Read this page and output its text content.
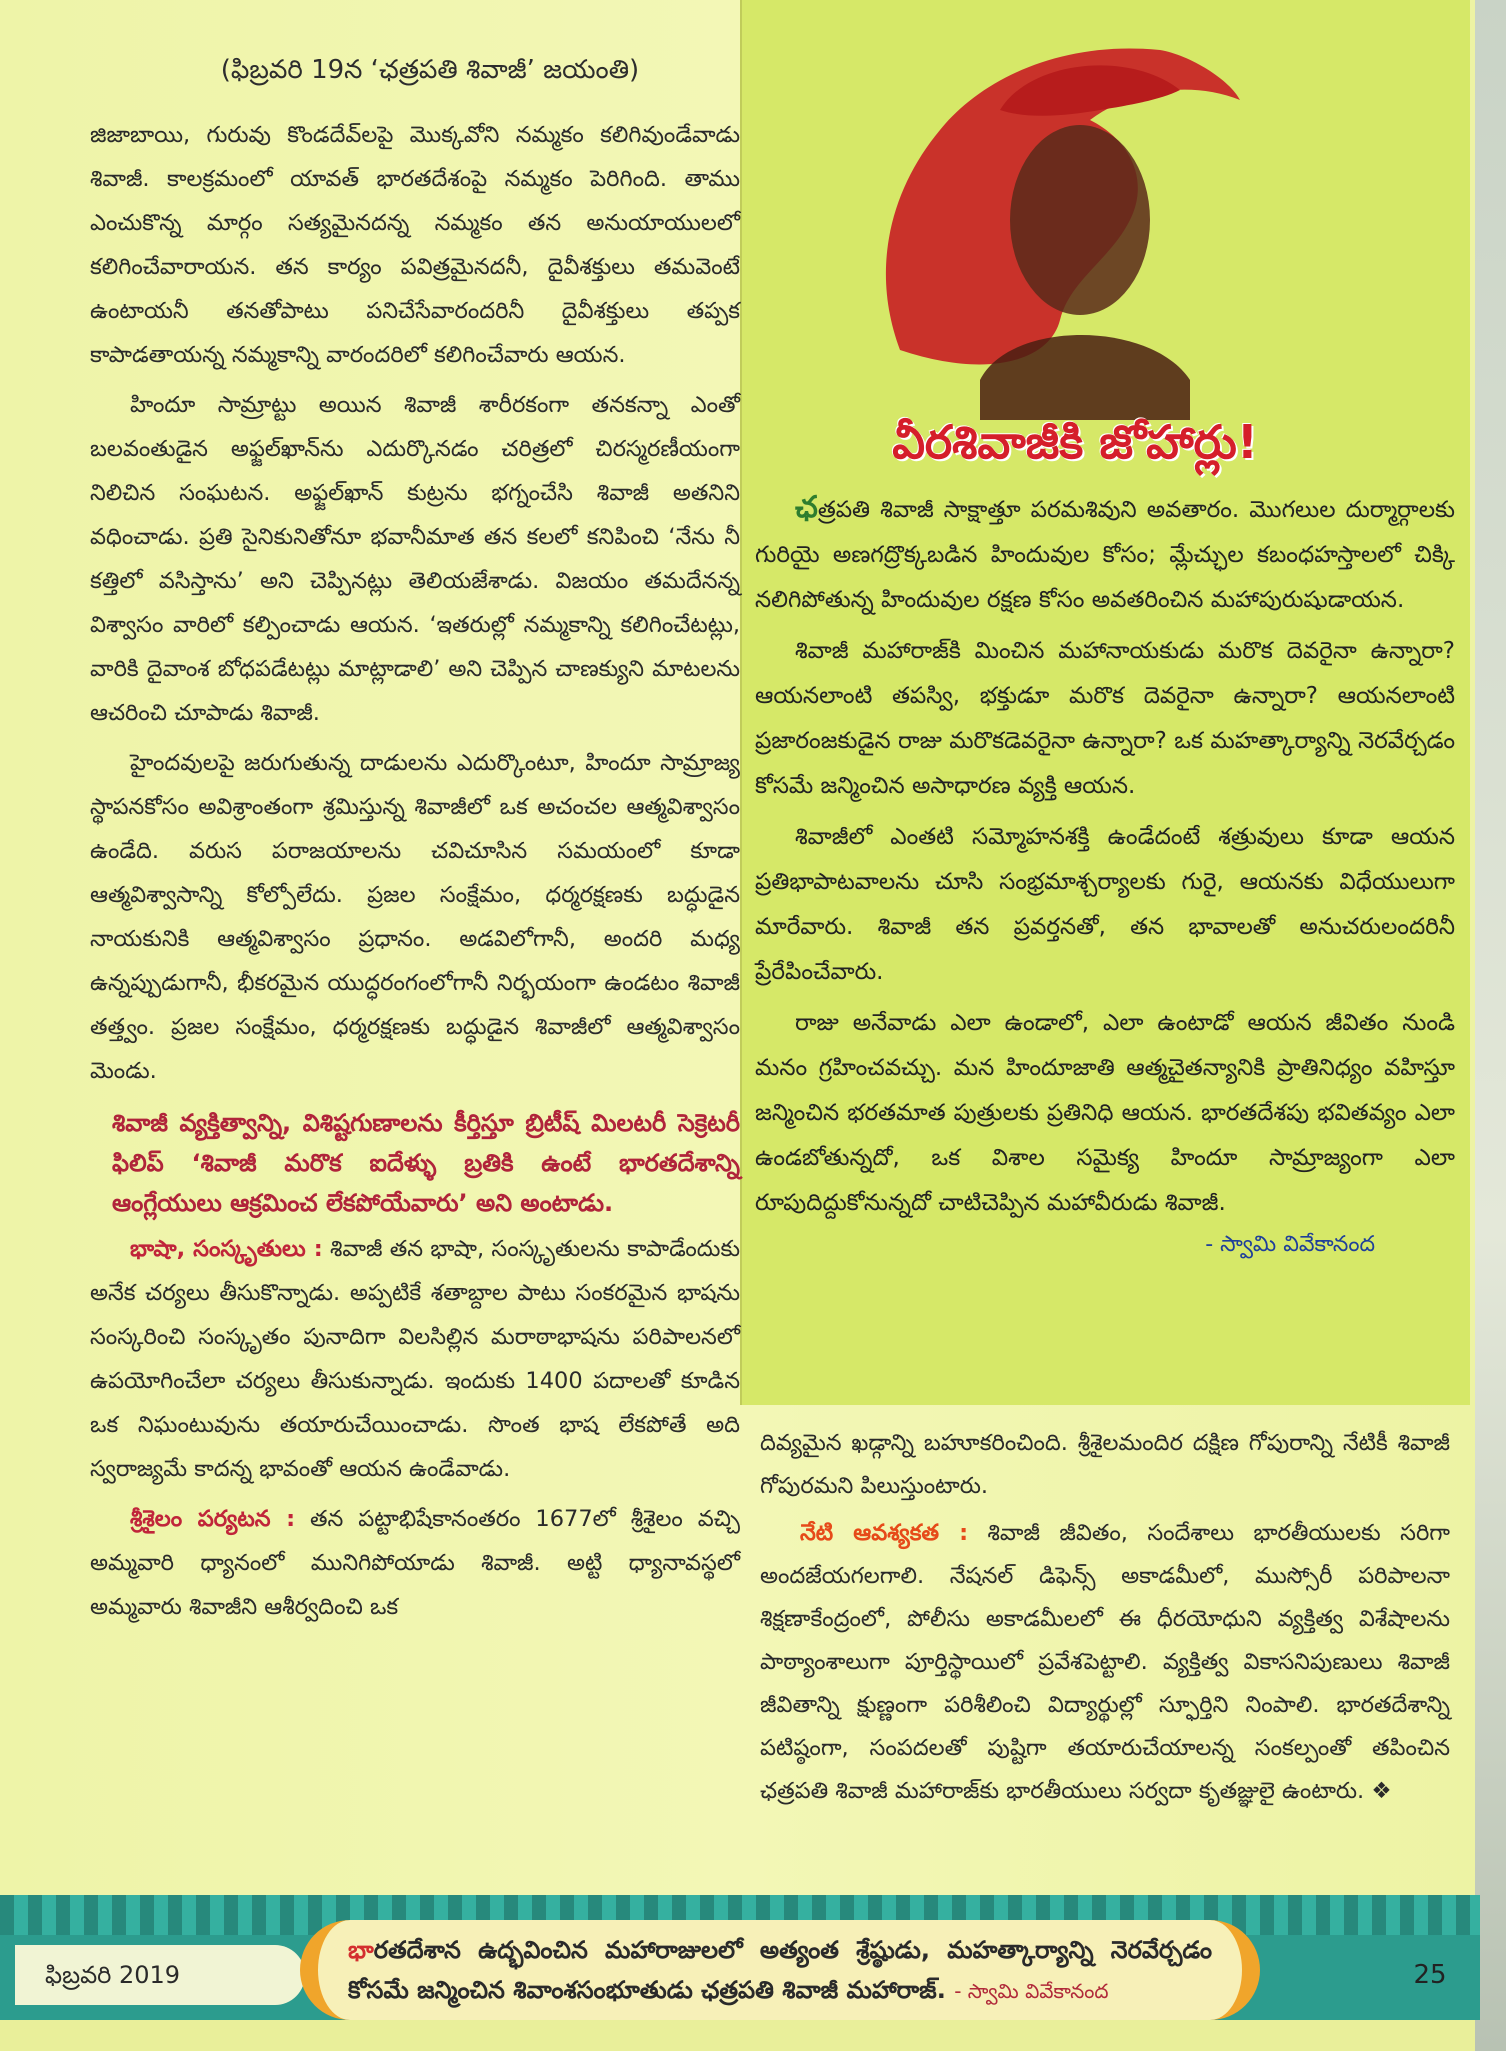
వీరశివాజీకి జోహార్లు!

ఛత్రపతి శివాజీ సాక్షాత్తూ పరమశివుని అవతారం. మొగలుల దుర్మార్గాలకు గురియై అణగద్రొక్కబడిన హిందువుల కోసం; మ్లేచ్ఛుల కబంధహస్తాలలో చిక్కి నలిగిపోతున్న హిందువుల రక్షణ కోసం అవతరించిన మహాపురుషుడాయన.

శివాజీ మహారాజ్‌కి మించిన మహానాయకుడు మరొక దెవరైనా ఉన్నారా? ఆయనలాంటి తపస్వి, భక్తుడూ మరొక దెవరైనా ఉన్నారా? ఆయనలాంటి ప్రజారంజకుడైన రాజు మరొకడెవరైనా ఉన్నారా? ఒక మహత్కార్యాన్ని నెరవేర్చడం కోసమే జన్మించిన అసాధారణ వ్యక్తి ఆయన.

శివాజీలో ఎంతటి సమ్మోహనశక్తి ఉండేదంటే శత్రువులు కూడా ఆయన ప్రతిభాపాటవాలను చూసి సంభ్రమాశ్చర్యాలకు గురై, ఆయనకు విధేయులుగా మారేవారు. శివాజీ తన ప్రవర్తనతో, తన భావాలతో అనుచరులందరినీ ప్రేరేపించేవారు.

రాజు అనేవాడు ఎలా ఉండాలో, ఎలా ఉంటాడో ఆయన జీవితం నుండి మనం గ్రహించవచ్చు. మన హిందూజాతి ఆత్మచైతన్యానికి ప్రాతినిధ్యం వహిస్తూ జన్మించిన భరతమాత పుత్రులకు ప్రతినిధి ఆయన. భారతదేశపు భవితవ్యం ఎలా ఉండబోతున్నదో, ఒక విశాల సమైక్య హిందూ సామ్రాజ్యంగా ఎలా రూపుదిద్దుకోనున్నదో చాటిచెప్పిన మహావీరుడు శివాజీ.

- స్వామి వివేకానంద
(ఫిబ్రవరి 19న ‘ఛత్రపతి శివాజీ’ జయంతి)

జిజాబాయి, గురువు కొండదేవ్‌లపై మొక్కవోని నమ్మకం కలిగివుండేవాడు శివాజీ. కాలక్రమంలో యావత్ భారతదేశంపై నమ్మకం పెరిగింది. తాము ఎంచుకొన్న మార్గం సత్యమైనదన్న నమ్మకం తన అనుయాయులలో కలిగించేవారాయన. తన కార్యం పవిత్రమైనదనీ, దైవీశక్తులు తమవెంటే ఉంటాయనీ తనతోపాటు పనిచేసేవారందరినీ దైవీశక్తులు తప్పక కాపాడతాయన్న నమ్మకాన్ని వారందరిలో కలిగించేవారు ఆయన.

హిందూ సామ్రాట్టు అయిన శివాజీ శారీరకంగా తనకన్నా ఎంతో బలవంతుడైన అఫ్జల్‌ఖాన్‌ను ఎదుర్కొనడం చరిత్రలో చిరస్మరణీయంగా నిలిచిన సంఘటన. అఫ్జల్‌ఖాన్ కుట్రను భగ్నంచేసి శివాజీ అతనిని వధించాడు. ప్రతి సైనికునితోనూ భవానీమాత తన కలలో కనిపించి ‘నేను నీ కత్తిలో వసిస్తాను’ అని చెప్పినట్లు తెలియజేశాడు. విజయం తమదేనన్న విశ్వాసం వారిలో కల్పించాడు ఆయన. ‘ఇతరుల్లో నమ్మకాన్ని కలిగించేటట్లు, వారికి దైవాంశ బోధపడేటట్లు మాట్లాడాలి’ అని చెప్పిన చాణక్యుని మాటలను ఆచరించి చూపాడు శివాజీ.

హైందవులపై జరుగుతున్న దాడులను ఎదుర్కొంటూ, హిందూ సామ్రాజ్య స్థాపనకోసం అవిశ్రాంతంగా శ్రమిస్తున్న శివాజీలో ఒక అచంచల ఆత్మవిశ్వాసం ఉండేది. వరుస పరాజయాలను చవిచూసిన సమయంలో కూడా ఆత్మవిశ్వాసాన్ని కోల్పోలేదు. ప్రజల సంక్షేమం, ధర్మరక్షణకు బద్ధుడైన నాయకునికి ఆత్మవిశ్వాసం ప్రధానం. అడవిలోగానీ, అందరి మధ్య ఉన్నప్పుడుగానీ, భీకరమైన యుద్ధరంగంలోగానీ నిర్భయంగా ఉండటం శివాజీ తత్త్వం. ప్రజల సంక్షేమం, ధర్మరక్షణకు బద్ధుడైన శివాజీలో ఆత్మవిశ్వాసం మెండు.

శివాజీ వ్యక్తిత్వాన్ని, విశిష్టగుణాలను కీర్తిస్తూ బ్రిటీష్ మిలటరీ సెక్రెటరీ ఫిలిప్ ‘శివాజీ మరొక ఐదేళ్ళు బ్రతికి ఉంటే భారతదేశాన్ని ఆంగ్లేయులు ఆక్రమించ లేకపోయేవారు’ అని అంటాడు.

భాషా, సంస్కృతులు : శివాజీ తన భాషా, సంస్కృతులను కాపాడేందుకు అనేక చర్యలు తీసుకొన్నాడు. అప్పటికే శతాబ్దాల పాటు సంకరమైన భాషను సంస్కరించి సంస్కృతం పునాదిగా విలసిల్లిన మరాఠాభాషను పరిపాలనలో ఉపయోగించేలా చర్యలు తీసుకున్నాడు. ఇందుకు 1400 పదాలతో కూడిన ఒక నిఘంటువును తయారుచేయించాడు. సొంత భాష లేకపోతే అది స్వరాజ్యమే కాదన్న భావంతో ఆయన ఉండేవాడు.

శ్రీశైలం పర్యటన : తన పట్టాభిషేకానంతరం 1677లో శ్రీశైలం వచ్చి అమ్మవారి ధ్యానంలో మునిగిపోయాడు శివాజీ. అట్టి ధ్యానావస్థలో అమ్మవారు శివాజీని ఆశీర్వదించి ఒక

దివ్యమైన ఖడ్గాన్ని బహూకరించింది. శ్రీశైలమందిర దక్షిణ గోపురాన్ని నేటికీ శివాజీ గోపురమని పిలుస్తుంటారు.

నేటి ఆవశ్యకత : శివాజీ జీవితం, సందేశాలు భారతీయులకు సరిగా అందజేయగలగాలి. నేషనల్ డిఫెన్స్ అకాడమీలో, ముస్సోరీ పరిపాలనా శిక్షణాకేంద్రంలో, పోలీసు అకాడమీలలో ఈ ధీరయోధుని వ్యక్తిత్వ విశేషాలను పాఠ్యాంశాలుగా పూర్తిస్థాయిలో ప్రవేశపెట్టాలి. వ్యక్తిత్వ వికాసనిపుణులు శివాజీ జీవితాన్ని క్షుణ్ణంగా పరిశీలించి విద్యార్థుల్లో స్ఫూర్తిని నింపాలి. భారతదేశాన్ని పటిష్ఠంగా, సంపదలతో పుష్టిగా తయారుచేయాలన్న సంకల్పంతో తపించిన ఛత్రపతి శివాజీ మహారాజ్‌కు భారతీయులు సర్వదా కృతజ్ఞులై ఉంటారు. ❖

ఫిబ్రవరి 2019

భారతదేశాన ఉద్భవించిన మహారాజులలో అత్యంత శ్రేష్ఠుడు, మహత్కార్యాన్ని నెరవేర్చడం కోసమే జన్మించిన శివాంశసంభూతుడు ఛత్రపతి శివాజీ మహారాజ్. - స్వామి వివేకానంద

25
